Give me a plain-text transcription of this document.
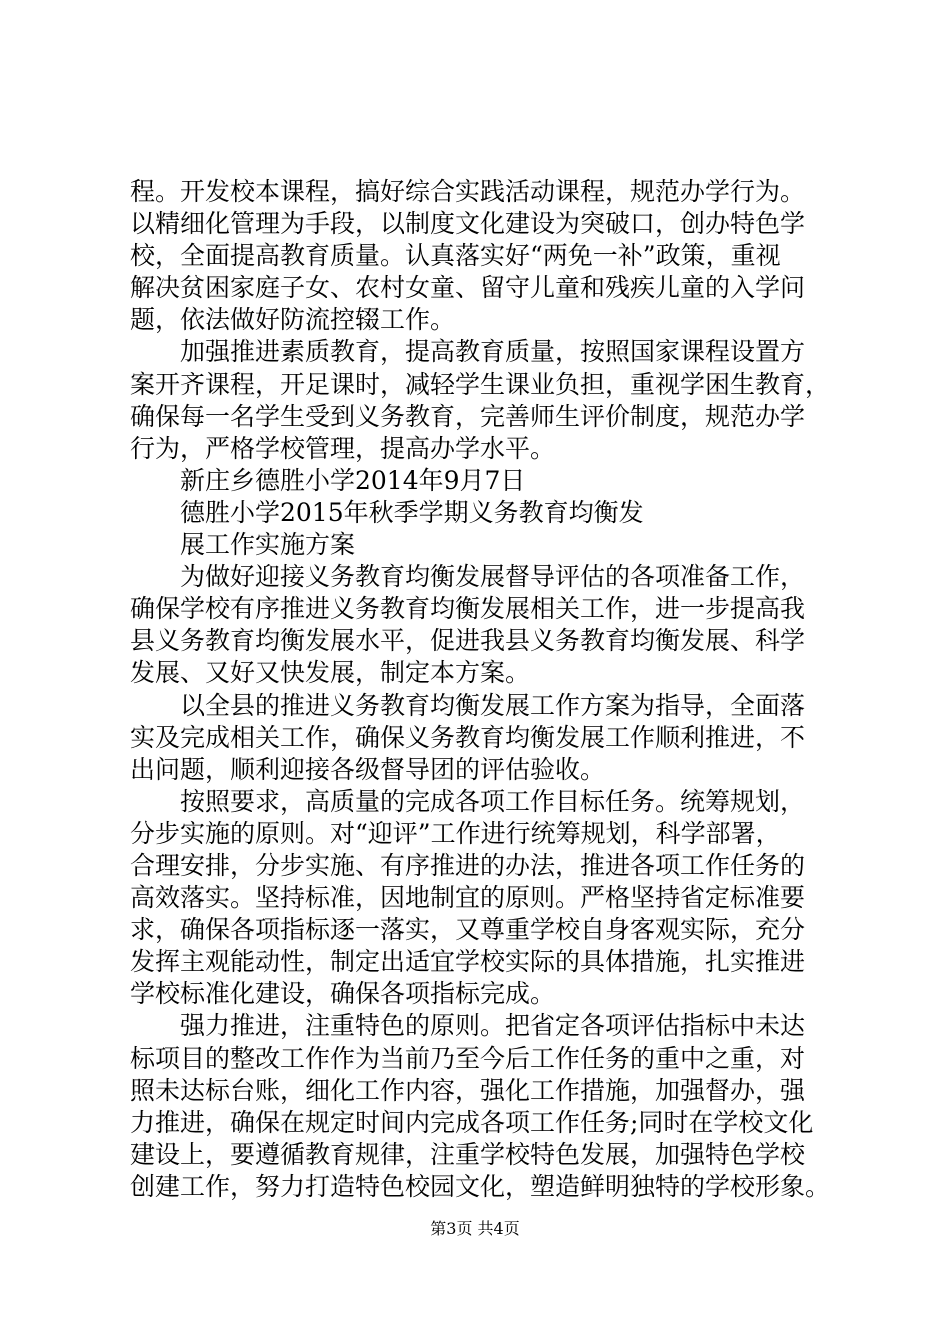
程。开发校本课程，搞好综合实践活动课程，规范办学行为。
以精细化管理为手段，以制度文化建设为突破口，创办特色学
校，全面提高教育质量。认真落实好“两免一补”政策，重视
解决贫困家庭子女、农村女童、留守儿童和残疾儿童的入学问
题，依法做好防流控辍工作。
加强推进素质教育，提高教育质量，按照国家课程设置方
案开齐课程，开足课时，减轻学生课业负担，重视学困生教育，
确保每一名学生受到义务教育，完善师生评价制度，规范办学
行为，严格学校管理，提高办学水平。
新庄乡德胜小学2014年9月7日
德胜小学2015年秋季学期义务教育均衡发
展工作实施方案
为做好迎接义务教育均衡发展督导评估的各项准备工作，
确保学校有序推进义务教育均衡发展相关工作，进一步提高我
县义务教育均衡发展水平，促进我县义务教育均衡发展、科学
发展、又好又快发展，制定本方案。
以全县的推进义务教育均衡发展工作方案为指导，全面落
实及完成相关工作，确保义务教育均衡发展工作顺利推进，不
出问题，顺利迎接各级督导团的评估验收。
按照要求，高质量的完成各项工作目标任务。统筹规划，
分步实施的原则。对“迎评”工作进行统筹规划，科学部署，
合理安排，分步实施、有序推进的办法，推进各项工作任务的
高效落实。坚持标准，因地制宜的原则。严格坚持省定标准要
求，确保各项指标逐一落实，又尊重学校自身客观实际，充分
发挥主观能动性，制定出适宜学校实际的具体措施，扎实推进
学校标准化建设，确保各项指标完成。
强力推进，注重特色的原则。把省定各项评估指标中未达
标项目的整改工作作为当前乃至今后工作任务的重中之重，对
照未达标台账，细化工作内容，强化工作措施，加强督办，强
力推进，确保在规定时间内完成各项工作任务;同时在学校文化
建设上，要遵循教育规律，注重学校特色发展，加强特色学校
创建工作，努力打造特色校园文化，塑造鲜明独特的学校形象。
第3页 共4页
